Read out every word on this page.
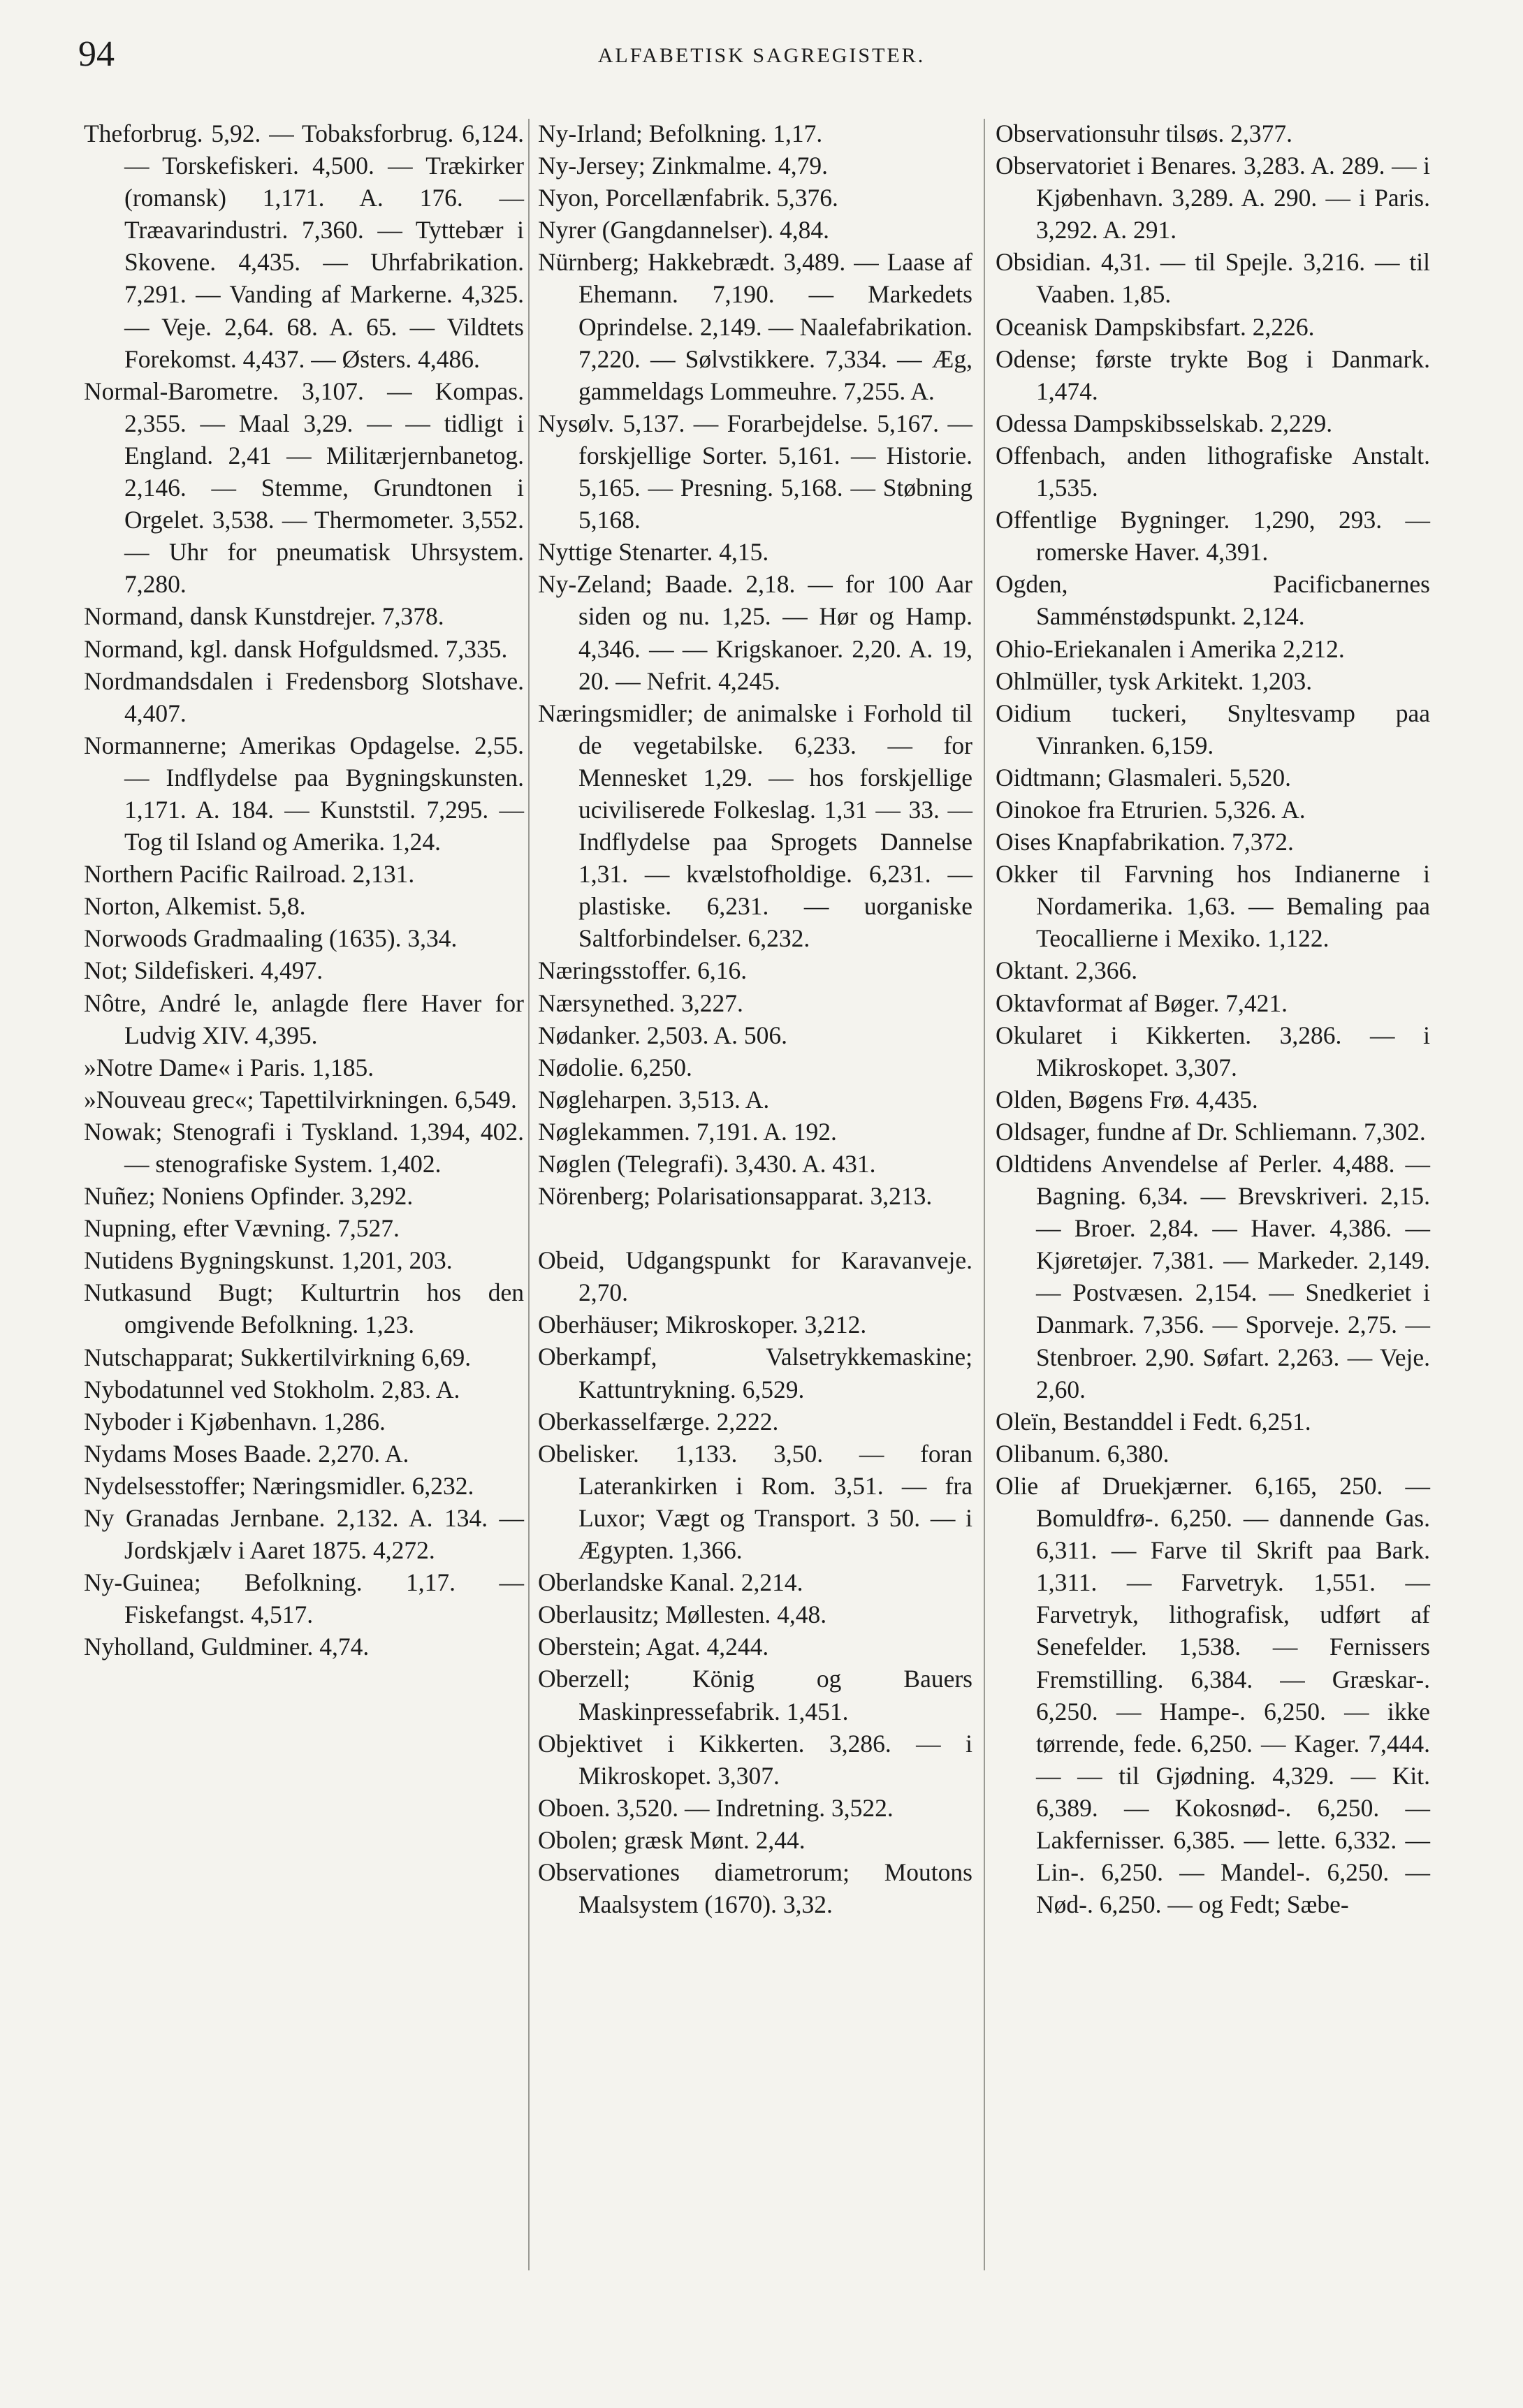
94	ALFABETISK SAGREGISTER.

Theforbrug. 5,92. — Tobaksforbrug. 6,124. — Torskefiskeri. 4,500. — Trækirker (romansk) 1,171. A. 176. — Træavarindustri. 7,360. — Tyttebær i Skovene. 4,435. — Uhrfabrikation. 7,291. — Vanding af Markerne. 4,325. — Veje. 2,64. 68. A. 65. — Vildtets Forekomst. 4,437. — Østers. 4,486.

Normal-Barometre. 3,107. — Kompas. 2,355. — Maal 3,29. — — tidligt i England. 2,41 — Militærjernbanetog. 2,146. — Stemme, Grundtonen i Orgelet. 3,538. — Thermometer. 3,552. — Uhr for pneumatisk Uhrsystem. 7,280.

Normand, dansk Kunstdrejer. 7,378.

Normand, kgl. dansk Hofguldsmed. 7,335.

Nordmandsdalen i Fredensborg Slotshave. 4,407.

Normannerne; Amerikas Opdagelse. 2,55. — Indflydelse paa Bygningskunsten. 1,171. A. 184. — Kunststil. 7,295. — Tog til Island og Amerika. 1,24.

Northern Pacific Railroad. 2,131.

Norton, Alkemist. 5,8.

Norwoods Gradmaaling (1635). 3,34.

Not; Sildefiskeri. 4,497.

Nôtre, André le, anlagde flere Haver for Ludvig XIV. 4,395.

»Notre Dame« i Paris. 1,185.

»Nouveau grec«; Tapettilvirkningen. 6,549.

Nowak; Stenografi i Tyskland. 1,394, 402. — stenografiske System. 1,402.

Nuñez; Noniens Opfinder. 3,292.

Nupning, efter Vævning. 7,527.

Nutidens Bygningskunst. 1,201, 203.

Nutkasund Bugt; Kulturtrin hos den omgivende Befolkning. 1,23.

Nutschapparat; Sukkertilvirkning 6,69.

Nybodatunnel ved Stokholm. 2,83. A.

Nyboder i Kjøbenhavn. 1,286.

Nydams Moses Baade. 2,270. A.

Nydelsesstoffer; Næringsmidler. 6,232.

Ny Granadas Jernbane. 2,132. A. 134. — Jordskjælv i Aaret 1875. 4,272.

Ny-Guinea; Befolkning. 1,17. — Fiskefangst. 4,517.

Nyholland, Guldminer. 4,74.

Ny-Irland; Befolkning. 1,17.

Ny-Jersey; Zinkmalme. 4,79.

Nyon, Porcellænfabrik. 5,376.

Nyrer (Gangdannelser). 4,84.

Nürnberg; Hakkebrædt. 3,489. — Laase af Ehemann. 7,190. — Markedets Oprindelse. 2,149. — Naalefabrikation. 7,220. — Sølvstikkere. 7,334. — Æg, gammeldags Lommeuhre. 7,255. A.

Nysølv. 5,137. — Forarbejdelse. 5,167. — forskjellige Sorter. 5,161. — Historie. 5,165. — Presning. 5,168. — Støbning 5,168.

Nyttige Stenarter. 4,15.

Ny-Zeland; Baade. 2,18. — for 100 Aar siden og nu. 1,25. — Hør og Hamp. 4,346. — — Krigskanoer. 2,20. A. 19, 20. — Nefrit. 4,245.

Næringsmidler; de animalske i Forhold til de vegetabilske. 6,233. — for Mennesket 1,29. — hos forskjellige uciviliserede Folkeslag. 1,31 — 33. — Indflydelse paa Sprogets Dannelse 1,31. — kvælstofholdige. 6,231. — plastiske. 6,231. — uorganiske Saltforbindelser. 6,232.

Næringsstoffer. 6,16.

Nærsynethed. 3,227.

Nødanker. 2,503. A. 506.

Nødolie. 6,250.

Nøgleharpen. 3,513. A.

Nøglekammen. 7,191. A. 192.

Nøglen (Telegrafi). 3,430. A. 431.

Nörenberg; Polarisationsapparat. 3,213.

Obeid, Udgangspunkt for Karavanveje. 2,70.

Oberhäuser; Mikroskoper. 3,212.

Oberkampf, Valsetrykkemaskine; Kattuntrykning. 6,529.

Oberkasselfærge. 2,222.

Obelisker. 1,133. 3,50. — foran Laterankirken i Rom. 3,51. — fra Luxor; Vægt og Transport. 3 50. — i Ægypten. 1,366.

Oberlandske Kanal. 2,214.

Oberlausitz; Møllesten. 4,48.

Oberstein; Agat. 4,244.

Oberzell; König og Bauers Maskinpressefabrik. 1,451.

Objektivet i Kikkerten. 3,286. — i Mikroskopet. 3,307.

Oboen. 3,520. — Indretning. 3,522.

Obolen; græsk Mønt. 2,44.

Observationes diametrorum; Moutons Maalsystem (1670). 3,32.

Observationsuhr tilsøs. 2,377.

Observatoriet i Benares. 3,283. A. 289. — i Kjøbenhavn. 3,289. A. 290. — i Paris. 3,292. A. 291.

Obsidian. 4,31. — til Spejle. 3,216. — til Vaaben. 1,85.

Oceanisk Dampskibsfart. 2,226.

Odense; første trykte Bog i Danmark. 1,474.

Odessa Dampskibsselskab. 2,229.

Offenbach, anden lithografiske Anstalt. 1,535.

Offentlige Bygninger. 1,290, 293. — romerske Haver. 4,391.

Ogden, Pacificbanernes Samménstødspunkt. 2,124.

Ohio-Eriekanalen i Amerika 2,212.

Ohlmüller, tysk Arkitekt. 1,203.

Oidium tuckeri, Snyltesvamp paa Vinranken. 6,159.

Oidtmann; Glasmaleri. 5,520.

Oinokoe fra Etrurien. 5,326. A.

Oises Knapfabrikation. 7,372.

Okker til Farvning hos Indianerne i Nordamerika. 1,63. — Bemaling paa Teocallierne i Mexiko. 1,122.

Oktant. 2,366.

Oktavformat af Bøger. 7,421.

Okularet i Kikkerten. 3,286. — i Mikroskopet. 3,307.

Olden, Bøgens Frø. 4,435.

Oldsager, fundne af Dr. Schliemann. 7,302.

Oldtidens Anvendelse af Perler. 4,488. — Bagning. 6,34. — Brevskriveri. 2,15. — Broer. 2,84. — Haver. 4,386. — Kjøretøjer. 7,381. — Markeder. 2,149. — Postvæsen. 2,154. — Snedkeriet i Danmark. 7,356. — Sporveje. 2,75. — Stenbroer. 2,90. Søfart. 2,263. — Veje. 2,60.

Oleïn, Bestanddel i Fedt. 6,251.

Olibanum. 6,380.

Olie af Druekjærner. 6,165, 250. — Bomuldfrø-. 6,250. — dannende Gas. 6,311. — Farve til Skrift paa Bark. 1,311. — Farvetryk. 1,551. — Farvetryk, lithografisk, udført af Senefelder. 1,538. — Fernissers Fremstilling. 6,384. — Græskar-. 6,250. — Hampe-. 6,250. — ikke tørrende, fede. 6,250. — Kager. 7,444. — — til Gjødning. 4,329. — Kit. 6,389. — Kokosnød-. 6,250. — Lakfernisser. 6,385. — lette. 6,332. — Lin-. 6,250. — Mandel-. 6,250. — Nød-. 6,250. — og Fedt; Sæbe-
